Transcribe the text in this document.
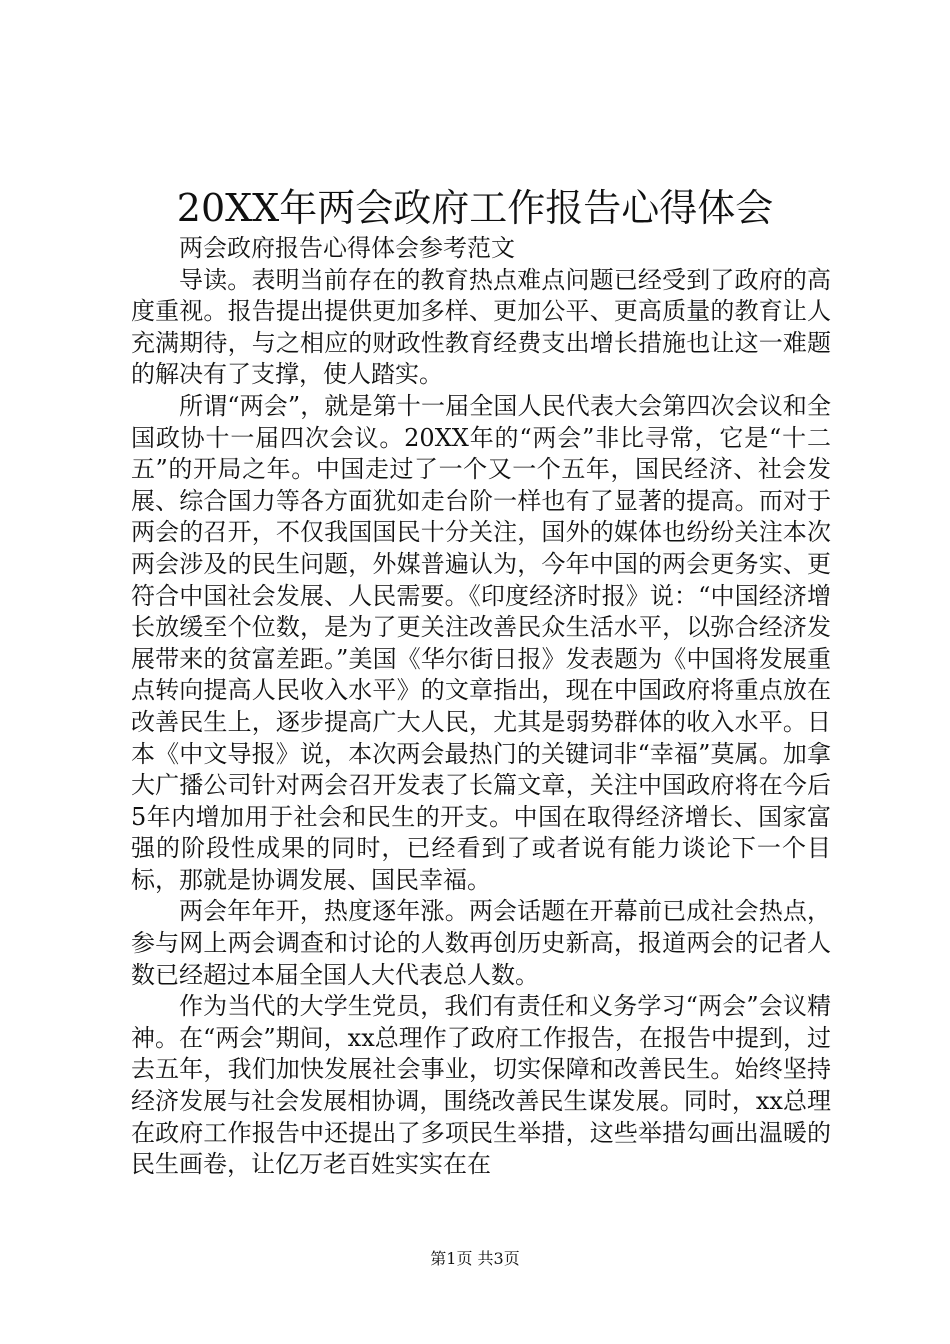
20XX年两会政府工作报告心得体会

两会政府报告心得体会参考范文

导读。表明当前存在的教育热点难点问题已经受到了政府的高度重视。报告提出提供更加多样、更加公平、更高质量的教育让人充满期待，与之相应的财政性教育经费支出增长措施也让这一难题的解决有了支撑，使人踏实。

所谓“两会”，就是第十一届全国人民代表大会第四次会议和全国政协十一届四次会议。20XX年的“两会”非比寻常，它是“十二五”的开局之年。中国走过了一个又一个五年，国民经济、社会发展、综合国力等各方面犹如走台阶一样也有了显著的提高。而对于两会的召开，不仅我国国民十分关注，国外的媒体也纷纷关注本次两会涉及的民生问题，外媒普遍认为，今年中国的两会更务实、更符合中国社会发展、人民需要。《印度经济时报》说：“中国经济增长放缓至个位数，是为了更关注改善民众生活水平，以弥合经济发展带来的贫富差距。”美国《华尔街日报》发表题为《中国将发展重点转向提高人民收入水平》的文章指出，现在中国政府将重点放在改善民生上，逐步提高广大人民，尤其是弱势群体的收入水平。日本《中文导报》说，本次两会最热门的关键词非“幸福”莫属。加拿大广播公司针对两会召开发表了长篇文章，关注中国政府将在今后5年内增加用于社会和民生的开支。中国在取得经济增长、国家富强的阶段性成果的同时，已经看到了或者说有能力谈论下一个目标，那就是协调发展、国民幸福。

两会年年开，热度逐年涨。两会话题在开幕前已成社会热点，参与网上两会调查和讨论的人数再创历史新高，报道两会的记者人数已经超过本届全国人大代表总人数。

作为当代的大学生党员，我们有责任和义务学习“两会”会议精神。在“两会”期间，xx总理作了政府工作报告，在报告中提到，过去五年，我们加快发展社会事业，切实保障和改善民生。始终坚持经济发展与社会发展相协调，围绕改善民生谋发展。同时，xx总理在政府工作报告中还提出了多项民生举措，这些举措勾画出温暖的民生画卷，让亿万老百姓实实在在

第1页 共3页
